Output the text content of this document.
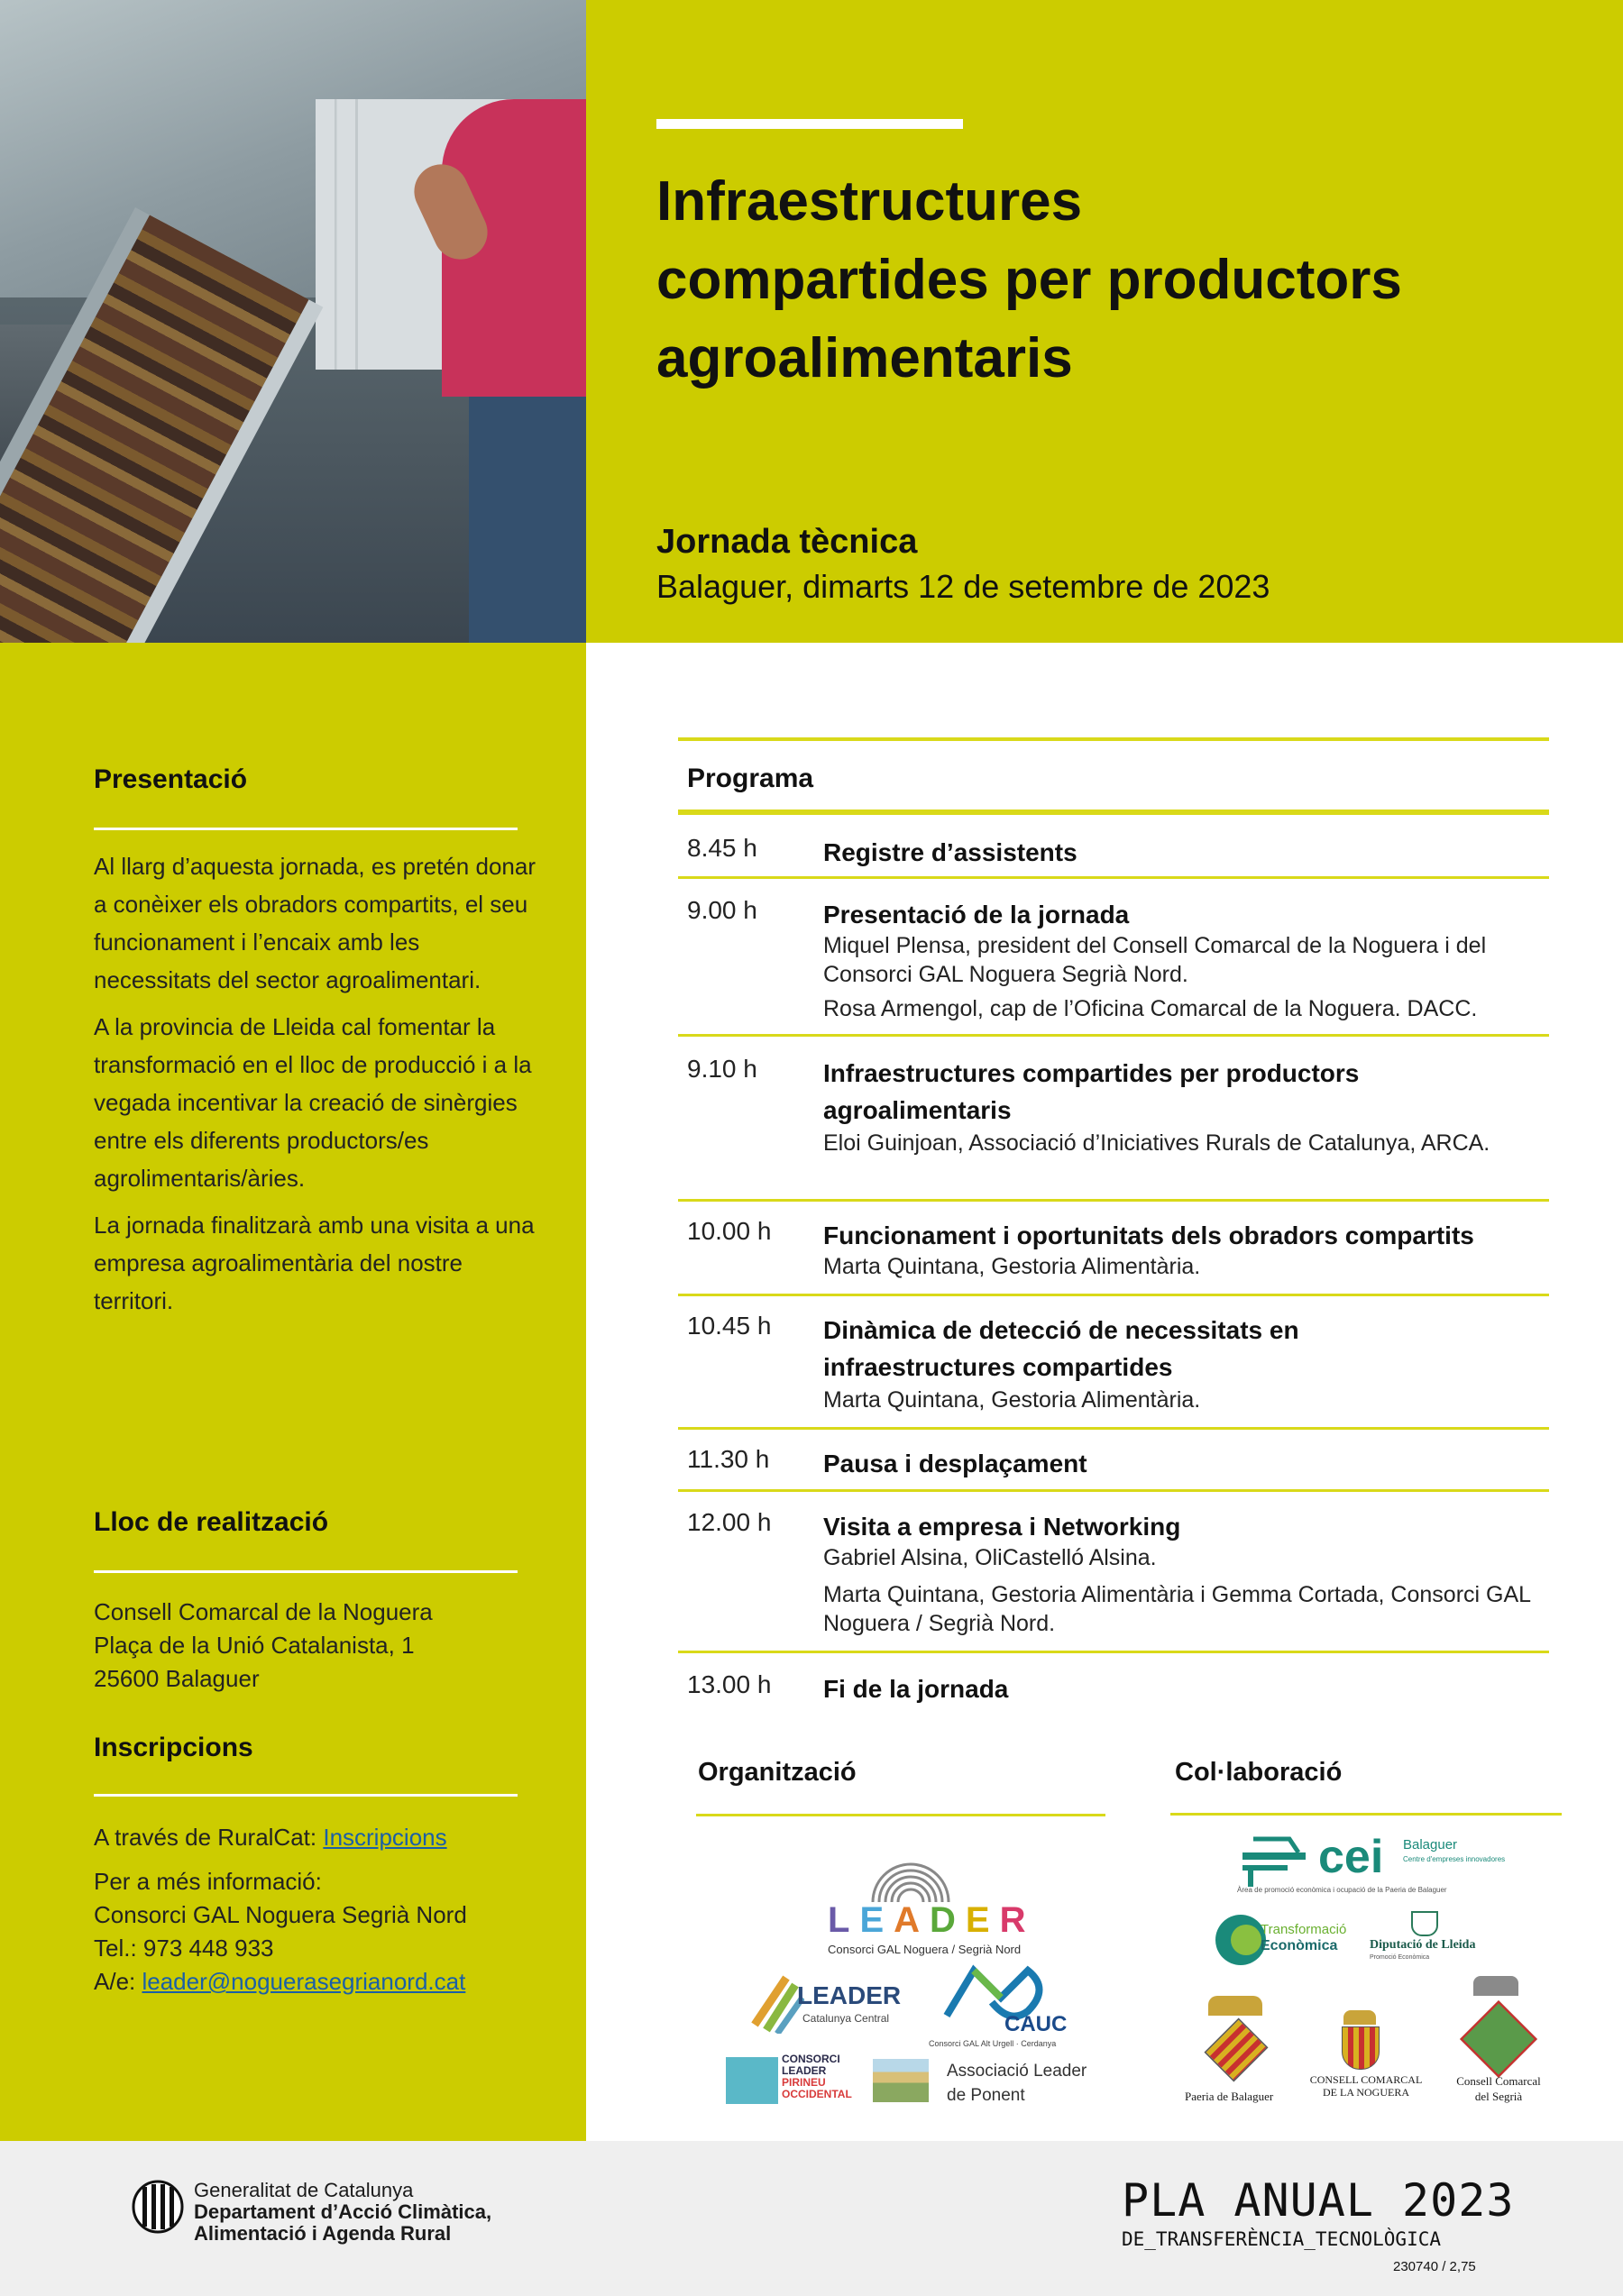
Infraestructures
compartides per productors
agroalimentaris
Jornada tècnica
Balaguer, dimarts 12 de setembre de 2023
Presentació

Al llarg d’aquesta jornada, es pretén donar a conèixer els obradors compartits, el seu funcionament i l’encaix amb les necessitats del sector agroalimentari.

A la provincia de Lleida cal fomentar la transformació en el lloc de producció i a la vegada incentivar la creació de sinèrgies entre els diferents productors/es agrolimentaris/àries.

La jornada finalitzarà amb una visita a una empresa agroalimentària del nostre territori.

Lloc de realització
Consell Comarcal de la Noguera
Plaça de la Unió Catalanista, 1
25600 Balaguer
Inscripcions
A través de RuralCat: Inscripcions
Per a més informació:
Consorci GAL Noguera Segrià Nord
Tel.: 973 448 933
A/e: leader@noguerasegrianord.cat
Programa
8.45 h	Registre d’assistents
9.00 h	Presentació de la jornada
Miquel Plensa, president del Consell Comarcal de la Noguera i del Consorci GAL Noguera Segrià Nord.
Rosa Armengol, cap de l’Oficina Comarcal de la Noguera. DACC.
9.10 h	Infraestructures compartides per productors agroalimentaris
Eloi Guinjoan, Associació d’Iniciatives Rurals de Catalunya, ARCA.
10.00 h Funcionament i oportunitats dels obradors compartits
Marta Quintana, Gestoria Alimentària.
10.45 h Dinàmica de detecció de necessitats en infraestructures compartides
Marta Quintana, Gestoria Alimentària.
11.30 h Pausa i desplaçament
12.00 h Visita a empresa i Networking
Gabriel Alsina, OliCastelló Alsina.
Marta Quintana, Gestoria Alimentària i Gemma Cortada, Consorci GAL Noguera / Segrià Nord.
13.00 h Fi de la jornada
Organització
LEADER
Consorci GAL Noguera / Segrià Nord
LEADER
Catalunya Central	CAUC
Consorci GAL Alt Urgell · Cerdanya
CONSORCI
LEADER
PIRINEU
OCCIDENTAL
Associació Leader
de Ponent
Col·laboració
cei Balaguer
Centre d'empreses innovadores
Àrea de promoció econòmica i ocupació de la Paeria de Balaguer
Transformació
Econòmica	Diputació de Lleida
Promoció Econòmica
Paeria de Balaguer
CONSELL COMARCAL
DE LA NOGUERA
Consell Comarcal
del Segrià
Generalitat de Catalunya
Departament d’Acció Climàtica,
Alimentació i Agenda Rural
PLA ANUAL 2023
DE_TRANSFERÈNCIA_TECNOLÒGICA
230740 / 2,75
